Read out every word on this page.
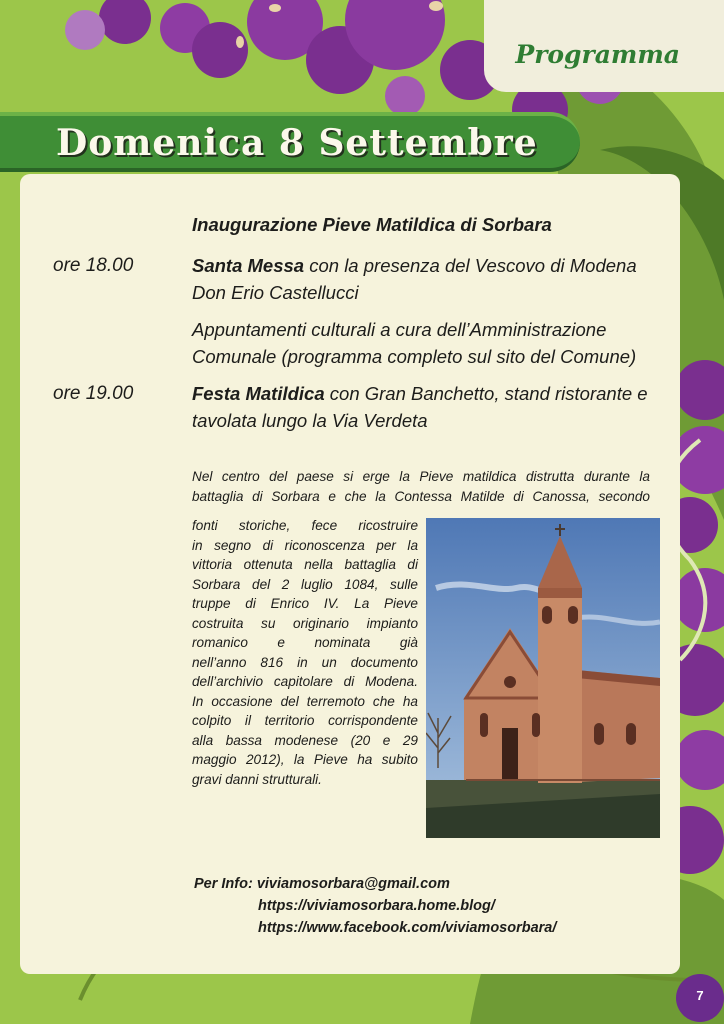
Programma
Domenica 8 Settembre
Inaugurazione Pieve Matildica di Sorbara
ore 18.00	Santa Messa con la presenza del Vescovo di Modena
Don Erio Castellucci
Appuntamenti culturali a cura dell’Amministrazione
Comunale (programma completo sul sito del Comune)
ore 19.00	Festa Matildica con Gran Banchetto, stand ristorante e
tavolata lungo la Via Verdeta
Nel centro del paese si erge la Pieve matildica distrutta durante la
battaglia di Sorbara e che la Contessa Matilde di Canossa, secondo
fonti storiche, fece ricostruire
in segno di riconoscenza per la
vittoria ottenuta nella battaglia di
Sorbara del 2 luglio 1084, sulle
truppe di Enrico IV. La Pieve
costruita su originario impianto
romanico e nominata già
nell’anno 816 in un documento
dell’archivio capitolare di Modena.
In occasione del terremoto che ha
colpito il territorio corrispondente
alla bassa modenese (20 e 29
maggio 2012), la Pieve ha subito
gravi danni strutturali.
Per Info: viviamosorbara@gmail.com
https://viviamosorbara.home.blog/
https://www.facebook.com/viviamosorbara/
7
